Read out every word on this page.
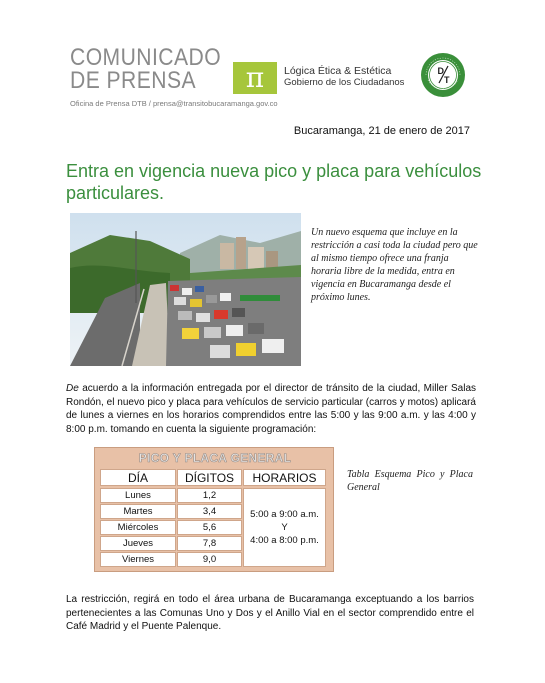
COMUNICADO
DE PRENSA
Oficina de Prensa DTB / prensa@transitobucaramanga.gov.co
π	Lógica Ética & Estética
Gobierno de los Ciudadanos
D
T
Bucaramanga, 21 de enero de 2017
Entra en vigencia nueva pico y placa para vehículos particulares.

Un nuevo esquema que incluye en la restricción a casi toda la ciudad pero que al mismo tiempo ofrece una franja horaria libre de la medida, entra en vigencia en Bucaramanga desde el próximo lunes.

De acuerdo a la información entregada por el director de tránsito de la ciudad, Miller Salas Rondón, el nuevo pico y placa para vehículos de servicio particular (carros y motos) aplicará de lunes a viernes en los horarios comprendidos entre las 5:00 y las 9:00 a.m. y las 4:00 y 8:00 p.m. tomando en cuenta la siguiente programación:

PICO Y PLACA GENERAL
DÍA	DÍGITOS	HORARIOS
Lunes	1,2
Martes	3,4
Miércoles	5,6
Jueves	7,8
Viernes	9,0
5:00 a 9:00 a.m.
Y
4:00 a 8:00 p.m.

Tabla Esquema Pico y Placa General

La restricción, regirá en todo el área urbana de Bucaramanga exceptuando a los barrios pertenecientes a las Comunas Uno y Dos y el Anillo Vial en el sector comprendido entre el Café Madrid y el Puente Palenque.
